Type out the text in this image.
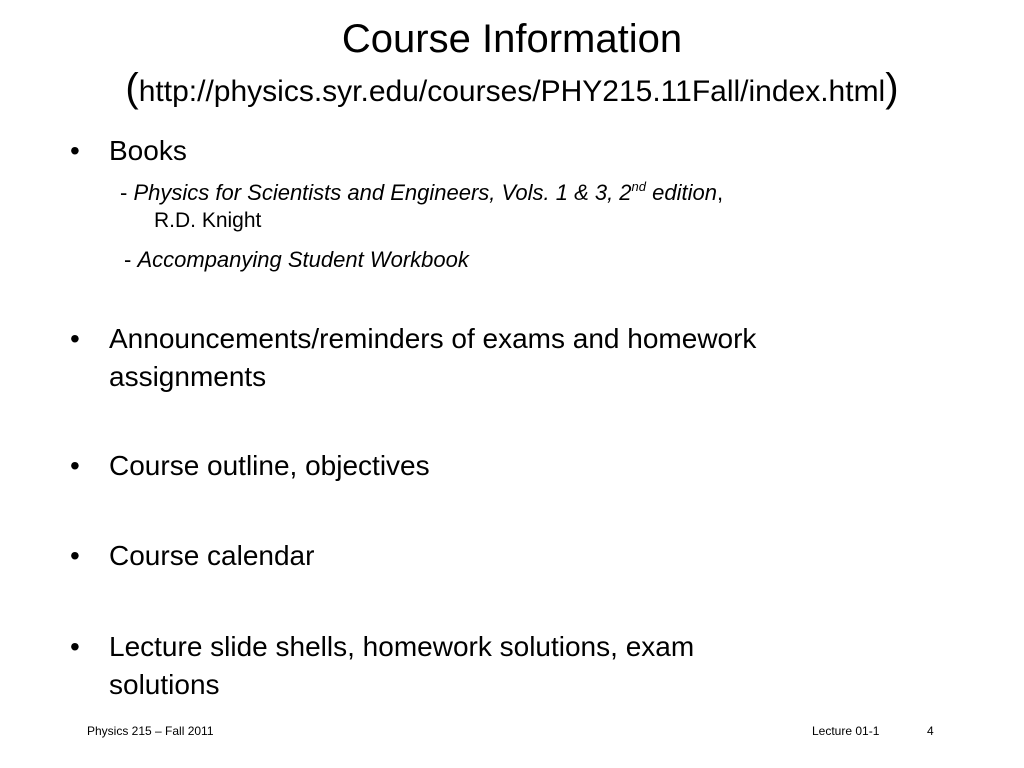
Course Information
(http://physics.syr.edu/courses/PHY215.11Fall/index.html)
• Books
- Physics for Scientists and Engineers, Vols. 1 & 3, 2nd edition,
R.D. Knight
- Accompanying Student Workbook
• Announcements/reminders of exams and homework
assignments
• Course outline, objectives
• Course calendar
• Lecture slide shells, homework solutions, exam
solutions
Physics 215 – Fall 2011	Lecture 01-1	4
